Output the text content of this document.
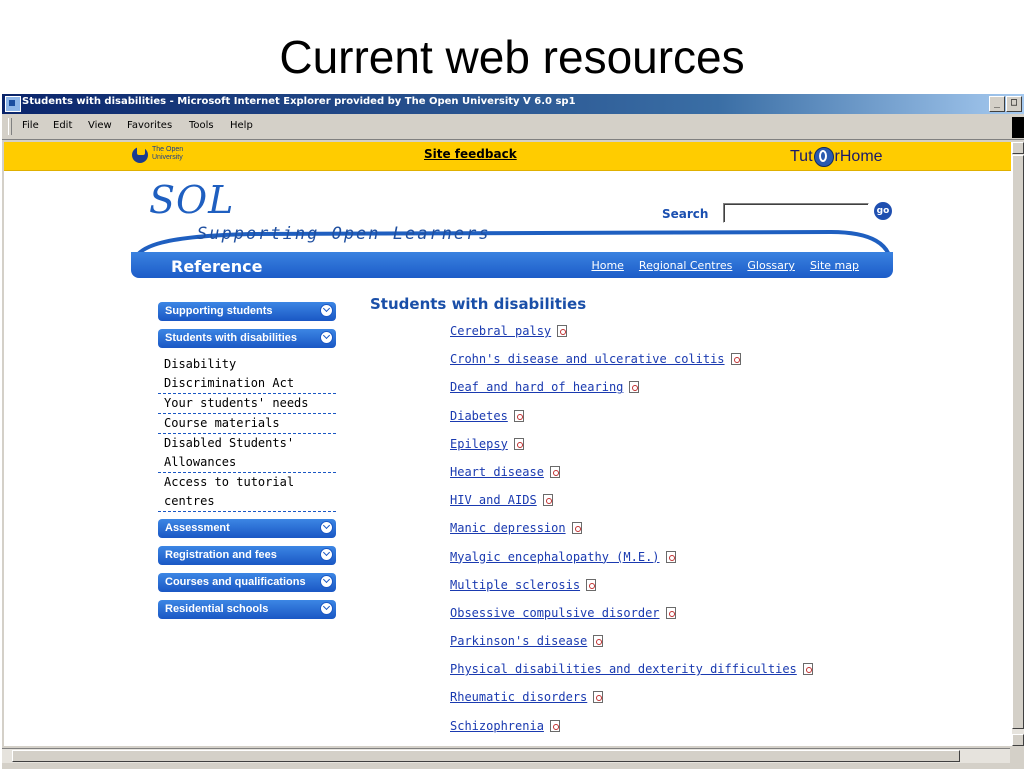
Current web resources
Students with disabilities - Microsoft Internet Explorer provided by The Open University V 6.0 sp1	_	□
File Edit View Favorites Tools Help
The Open
University	Site feedback	Tut rHome
SOL
Supporting Open Learners
Search	go
Reference	Home Regional Centres Glossary Site map
Supporting students
Students with disabilities
Disability Discrimination Act
Your students' needs
Course materials
Disabled Students' Allowances
Access to tutorial centres
Assessment
Registration and fees
Courses and qualifications
Residential schools
Students with disabilities
Cerebral palsy
Crohn's disease and ulcerative colitis
Deaf and hard of hearing
Diabetes
Epilepsy
Heart disease
HIV and AIDS
Manic depression
Myalgic encephalopathy (M.E.)
Multiple sclerosis
Obsessive compulsive disorder
Parkinson's disease
Physical disabilities and dexterity difficulties
Rheumatic disorders
Schizophrenia
